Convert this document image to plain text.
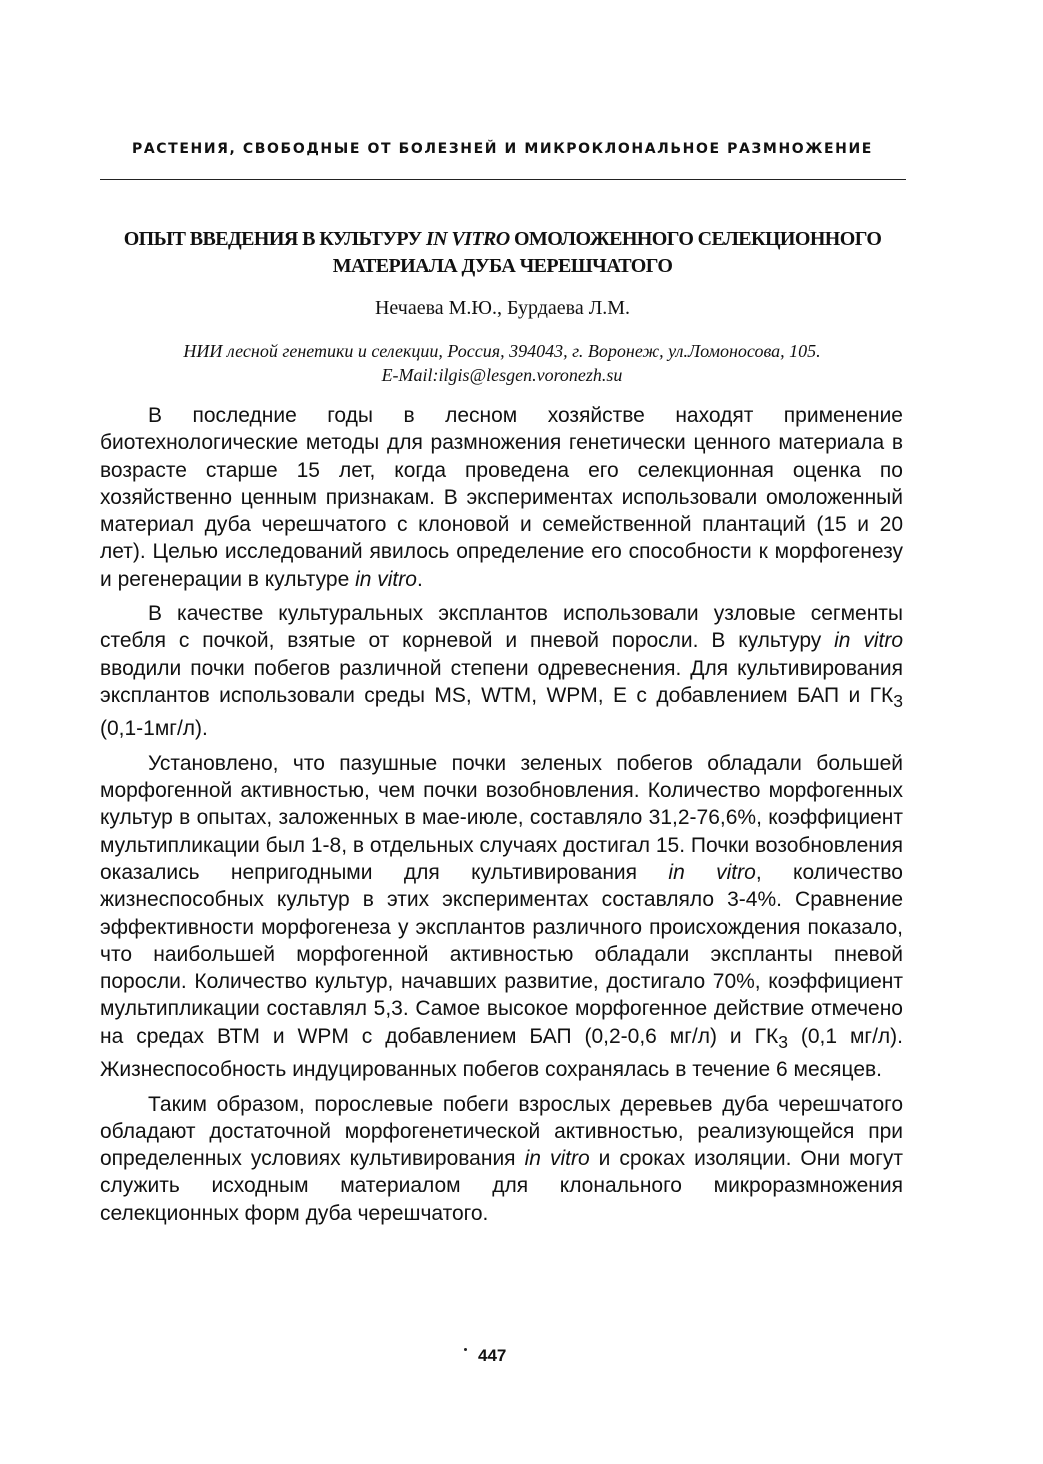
РАСТЕНИЯ, СВОБОДНЫЕ ОТ БОЛЕЗНЕЙ И МИКРОКЛОНАЛЬНОЕ РАЗМНОЖЕНИЕ
ОПЫТ ВВЕДЕНИЯ В КУЛЬТУРУ IN VITRO ОМОЛОЖЕННОГО СЕЛЕКЦИОННОГО МАТЕРИАЛА ДУБА ЧЕРЕШЧАТОГО
Нечаева М.Ю., Бурдаева Л.М.
НИИ лесной генетики и селекции, Россия, 394043, г. Воронеж, ул.Ломоносова, 105.
E-Mail:ilgis@lesgen.voronezh.su

В последние годы в лесном хозяйстве находят применение биотехнологические методы для размножения генетически ценного материала в возрасте старше 15 лет, когда проведена его селекционная оценка по хозяйственно ценным признакам. В экспериментах использовали омоложенный материал дуба черешчатого с клоновой и семейственной плантаций (15 и 20 лет). Целью исследований явилось определение его способности к морфогенезу и регенерации в культуре in vitro.

В качестве культуральных эксплантов использовали узловые сегменты стебля с почкой, взятые от корневой и пневой поросли. В культуру in vitro вводили почки побегов различной степени одревеснения. Для культивирования эксплантов использовали среды MS, WTM, WPM, E с добавлением БАП и $ГК_3$ (0,1-1мг/л).

Установлено, что пазушные почки зеленых побегов обладали большей морфогенной активностью, чем почки возобновления. Количество морфогенных культур в опытах, заложенных в мае-июле, составляло 31,2-76,6%, коэффициент мультипликации был 1-8, в отдельных случаях достигал 15. Почки возобновления оказались непригодными для культивирования in vitro, количество жизнеспособных культур в этих экспериментах составляло 3-4%. Сравнение эффективности морфогенеза у эксплантов различного происхождения показало, что наибольшей морфогенной активностью обладали экспланты пневой поросли. Количество культур, начавших развитие, достигало 70%, коэффициент мультипликации составлял 5,3. Самое высокое морфогенное действие отмечено на средах ВТМ и WPM с добавлением БАП (0,2-0,6 мг/л) и $ГК_3$ (0,1 мг/л). Жизнеспособность индуцированных побегов сохранялась в течение 6 месяцев.

Таким образом, порослевые побеги взрослых деревьев дуба черешчатого обладают достаточной морфогенетической активностью, реализующейся при определенных условиях культивирования in vitro и сроках изоляции. Они могут служить исходным материалом для клонального микроразмножения селекционных форм дуба черешчатого.

447
